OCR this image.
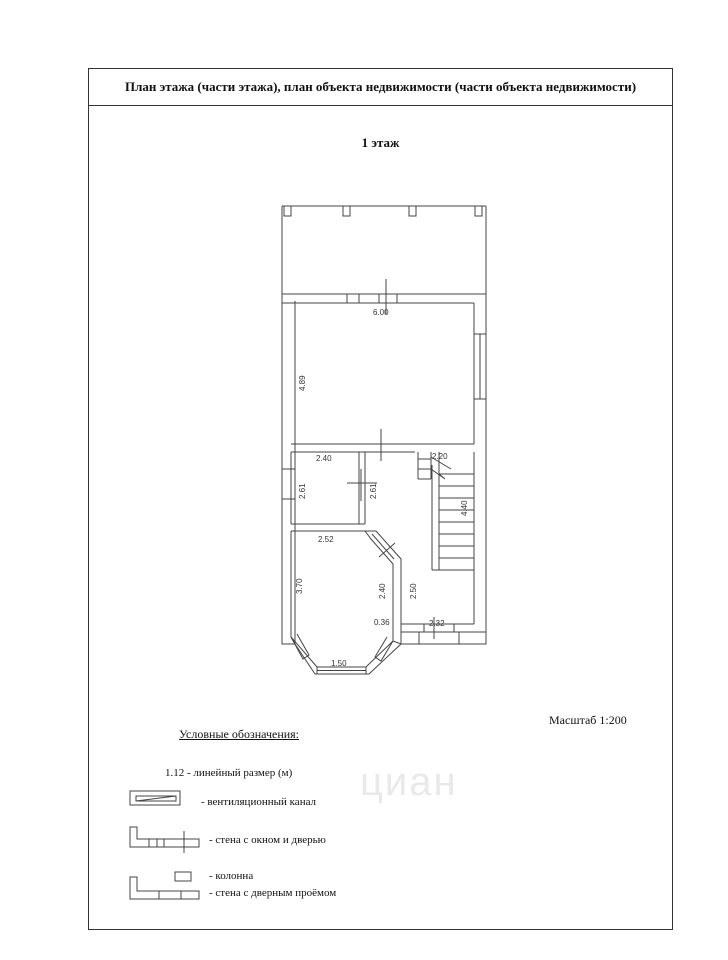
циан
План этажа (части этажа), план объекта недвижимости (части объекта недвижимости)
1 этаж
6.00
4.89
2.40
2.61	2.61
2.20
4.40
2.52
3.70	2.40	2.50
0.36	2.32
1.50
Масштаб 1:200
Условные обозначения:
1.12 - линейный размер (м)
- вентиляционный канал
- стена с окном и дверью
- колонна
- стена с дверным проёмом
